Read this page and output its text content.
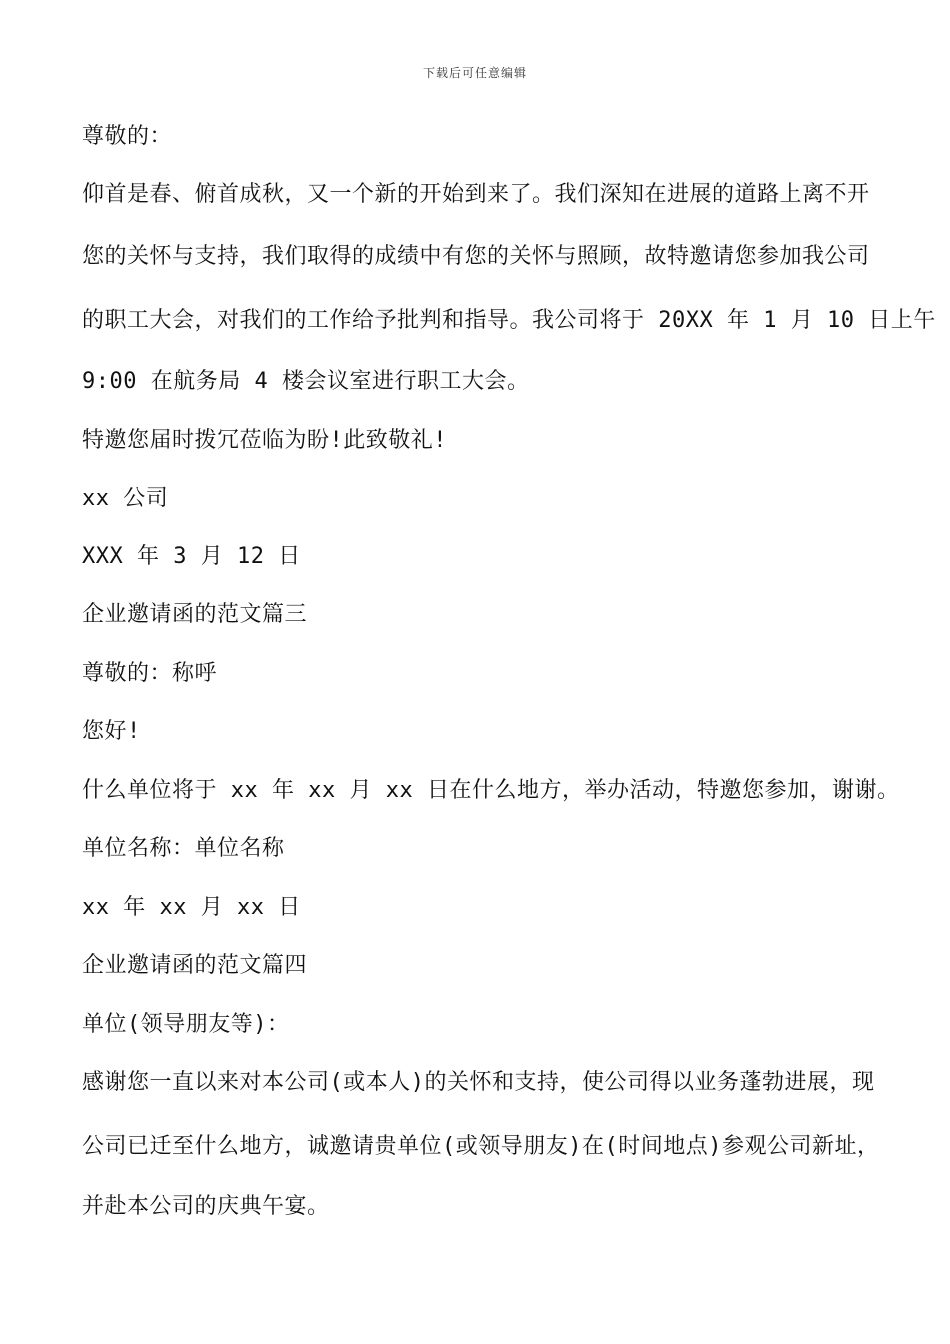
下载后可任意编辑
尊敬的：
仰首是春、俯首成秋，又一个新的开始到来了。我们深知在进展的道路上离不开
您的关怀与支持，我们取得的成绩中有您的关怀与照顾，故特邀请您参加我公司
的职工大会，对我们的工作给予批判和指导。我公司将于 20XX 年 1 月 10 日上午
9:00 在航务局 4 楼会议室进行职工大会。
特邀您届时拨冗莅临为盼!此致敬礼!
xx 公司
XXX 年 3 月 12 日
企业邀请函的范文篇三
尊敬的：称呼
您好!
什么单位将于 xx 年 xx 月 xx 日在什么地方，举办活动，特邀您参加，谢谢。
单位名称：单位名称
xx 年 xx 月 xx 日
企业邀请函的范文篇四
单位(领导朋友等)：
感谢您一直以来对本公司(或本人)的关怀和支持，使公司得以业务蓬勃进展，现
公司已迁至什么地方，诚邀请贵单位(或领导朋友)在(时间地点)参观公司新址，
并赴本公司的庆典午宴。
